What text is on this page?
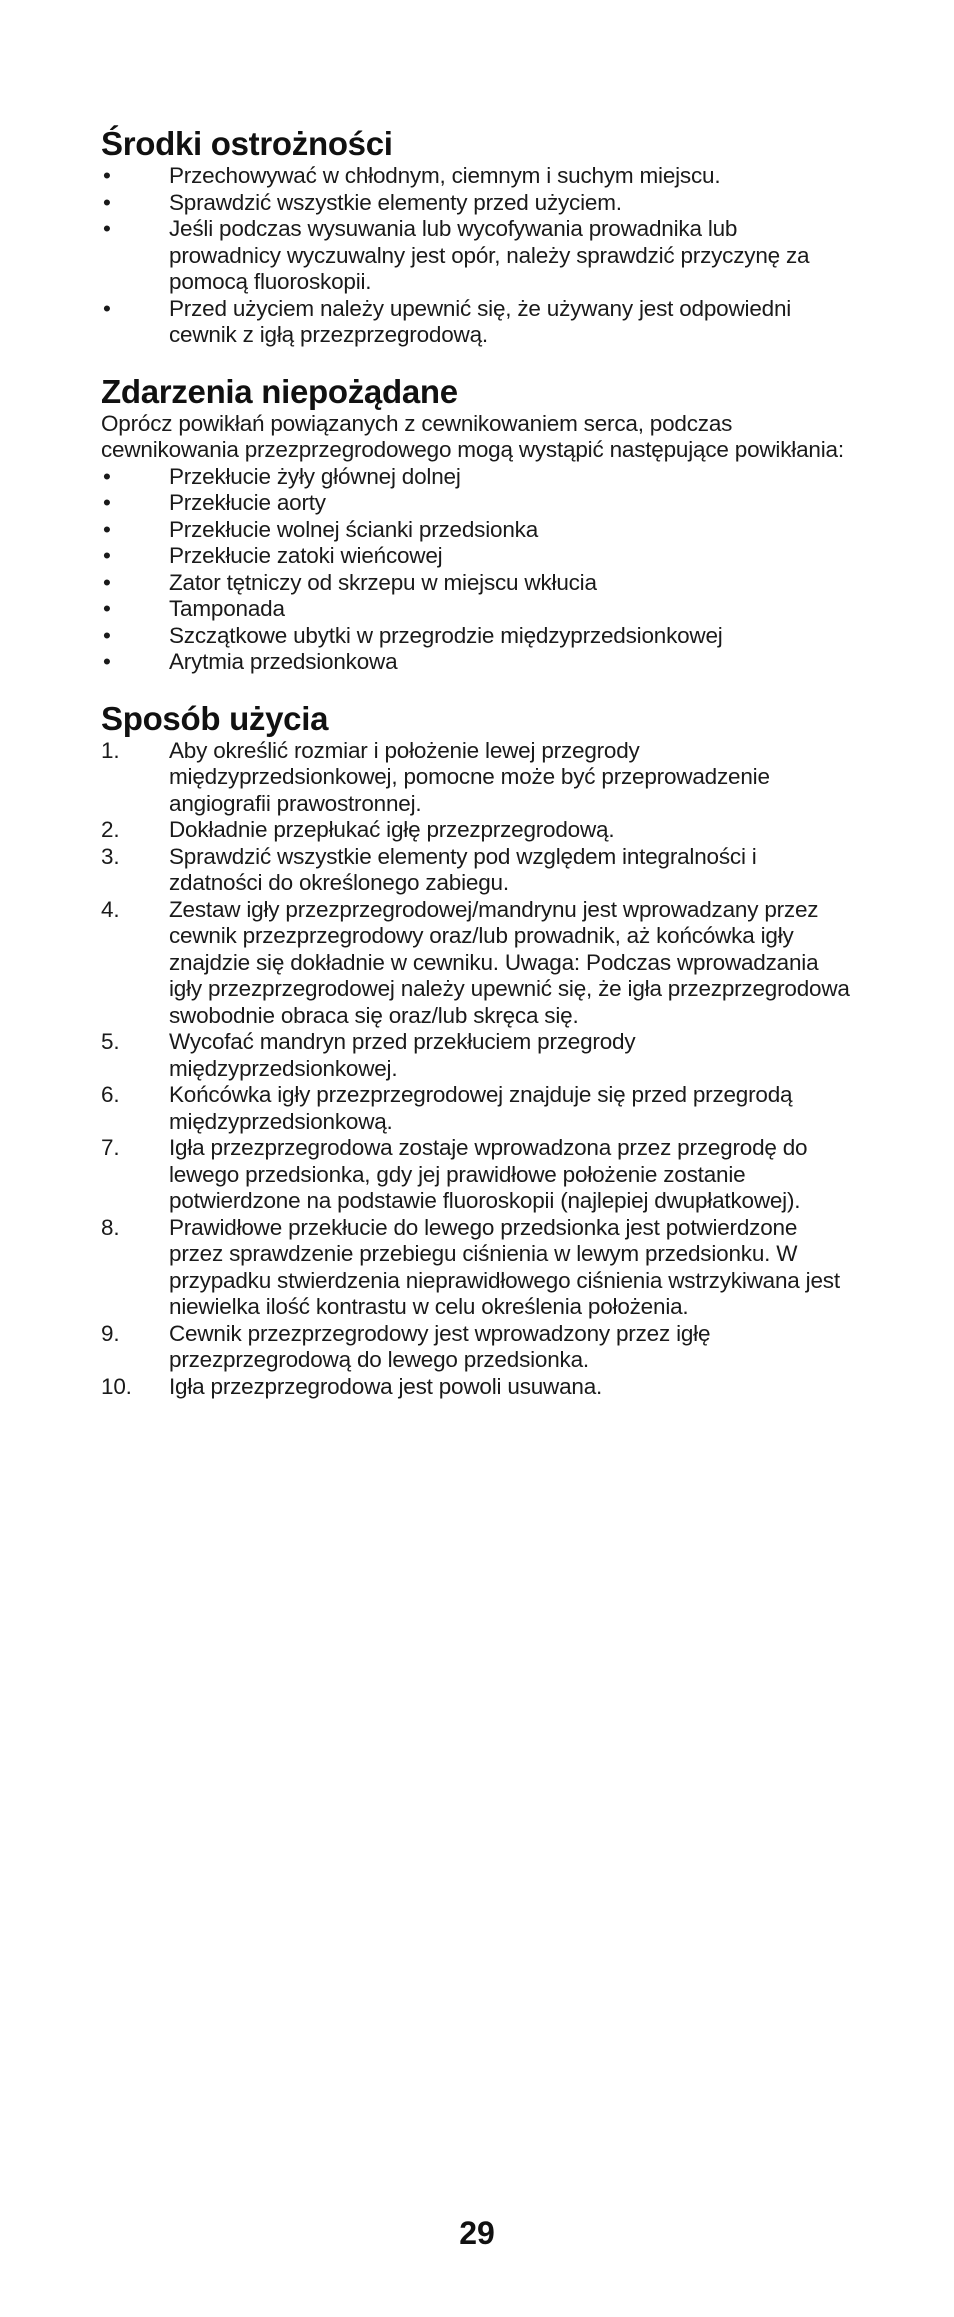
Środki ostrożności
•	Przechowywać w chłodnym, ciemnym i suchym miejscu.
•	Sprawdzić wszystkie elementy przed użyciem.
•	Jeśli podczas wysuwania lub wycofywania prowadnika lub prowadnicy wyczuwalny jest opór, należy sprawdzić przyczynę za pomocą fluoroskopii.
•	Przed użyciem należy upewnić się, że używany jest odpowiedni cewnik z igłą przezprzegrodową.
Zdarzenia niepożądane

Oprócz powikłań powiązanych z cewnikowaniem serca, podczas cewnikowania przezprzegrodowego mogą wystąpić następujące powikłania:

•	Przekłucie żyły głównej dolnej
•	Przekłucie aorty
•	Przekłucie wolnej ścianki przedsionka
•	Przekłucie zatoki wieńcowej
•	Zator tętniczy od skrzepu w miejscu wkłucia
•	Tamponada
•	Szczątkowe ubytki w przegrodzie międzyprzedsionkowej
•	Arytmia przedsionkowa
Sposób użycia
1.	Aby określić rozmiar i położenie lewej przegrody międzyprzedsionkowej, pomocne może być przeprowadzenie angiografii prawostronnej.
2.	Dokładnie przepłukać igłę przezprzegrodową.
3.	Sprawdzić wszystkie elementy pod względem integralności i zdatności do określonego zabiegu.
4.	Zestaw igły przezprzegrodowej/mandrynu jest wprowadzany przez cewnik przezprzegrodowy oraz/lub prowadnik, aż końcówka igły znajdzie się dokładnie w cewniku. Uwaga: Podczas wprowadzania igły przezprzegrodowej należy upewnić się, że igła przezprzegrodowa swobodnie obraca się oraz/lub skręca się.
5.	Wycofać mandryn przed przekłuciem przegrody międzyprzedsionkowej.
6.	Końcówka igły przezprzegrodowej znajduje się przed przegrodą międzyprzedsionkową.
7.	Igła przezprzegrodowa zostaje wprowadzona przez przegrodę do lewego przedsionka, gdy jej prawidłowe położenie zostanie potwierdzone na podstawie fluoroskopii (najlepiej dwupłatkowej).
8.	Prawidłowe przekłucie do lewego przedsionka jest potwierdzone przez sprawdzenie przebiegu ciśnienia w lewym przedsionku. W przypadku stwierdzenia nieprawidłowego ciśnienia wstrzykiwana jest niewielka ilość kontrastu w celu określenia położenia.
9.	Cewnik przezprzegrodowy jest wprowadzony przez igłę przezprzegrodową do lewego przedsionka.
10.	Igła przezprzegrodowa jest powoli usuwana.
29
